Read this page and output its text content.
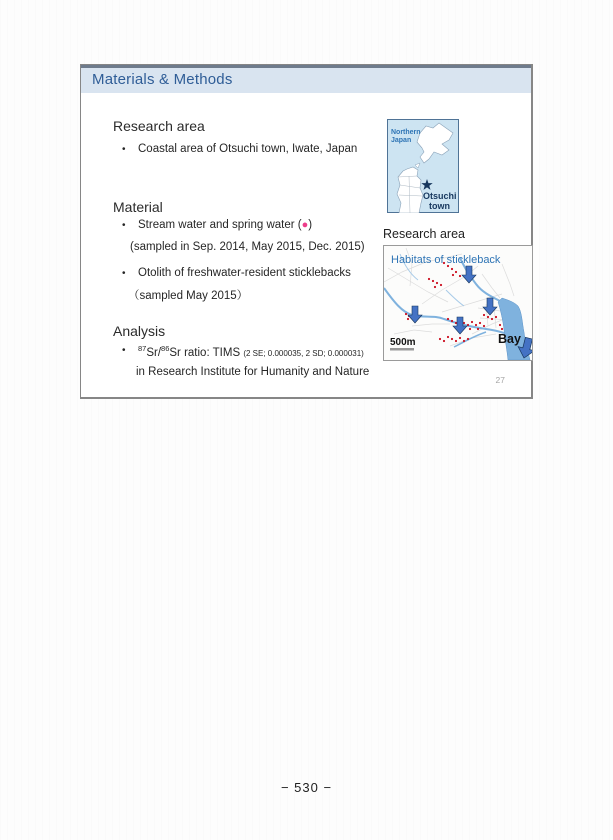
Materials & Methods
Research area
•	Coastal area of Otsuchi town, Iwate, Japan
Material
•	Stream water and spring water (●)
(sampled in Sep. 2014, May 2015, Dec. 2015)
•	Otolith of freshwater-resident sticklebacks
（sampled May 2015）
Analysis
•	$^{87}$Sr/$^{86}$Sr ratio: TIMS (2 SE; 0.000035, 2 SD; 0.000031)
in Research Institute for Humanity and Nature
Northern
Japan
Otsuchi
town
Research area
Habitats of stickleback
500m	Bay
27
− 530 −
